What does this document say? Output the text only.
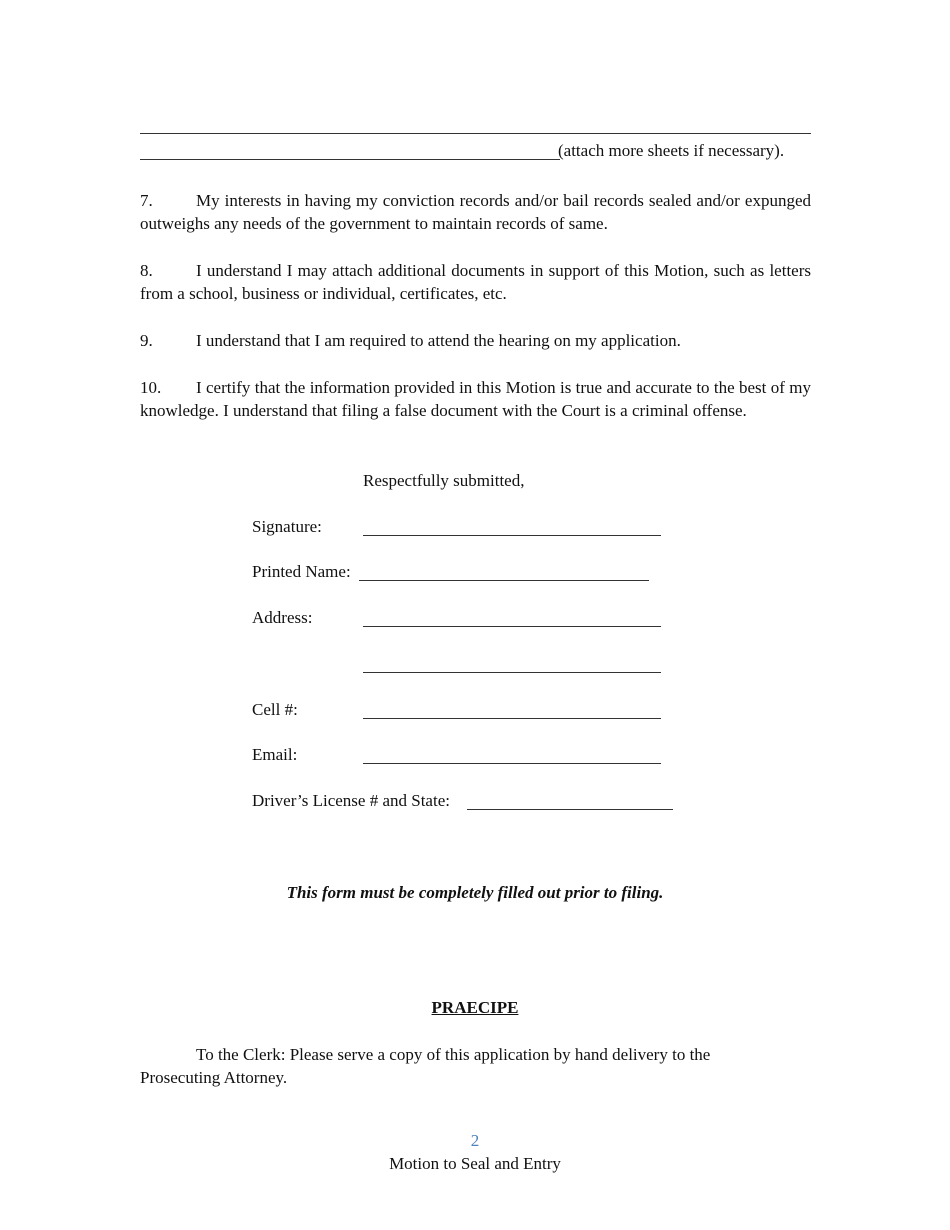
(attach more sheets if necessary).
7.	My interests in having my conviction records and/or bail records sealed and/or expunged outweighs any needs of the government to maintain records of same.
8.	I understand I may attach additional documents in support of this Motion, such as letters from a school, business or individual, certificates, etc.
9.	I understand that I am required to attend the hearing on my application.
10. I certify that the information provided in this Motion is true and accurate to the best of my knowledge. I understand that filing a false document with the Court is a criminal offense.
Respectfully submitted,
Signature:
Printed Name:
Address:
Cell #:
Email:
Driver’s License # and State:
This form must be completely filled out prior to filing.
PRAECIPE
To the Clerk: Please serve a copy of this application by hand delivery to the Prosecuting Attorney.
2
Motion to Seal and Entry
